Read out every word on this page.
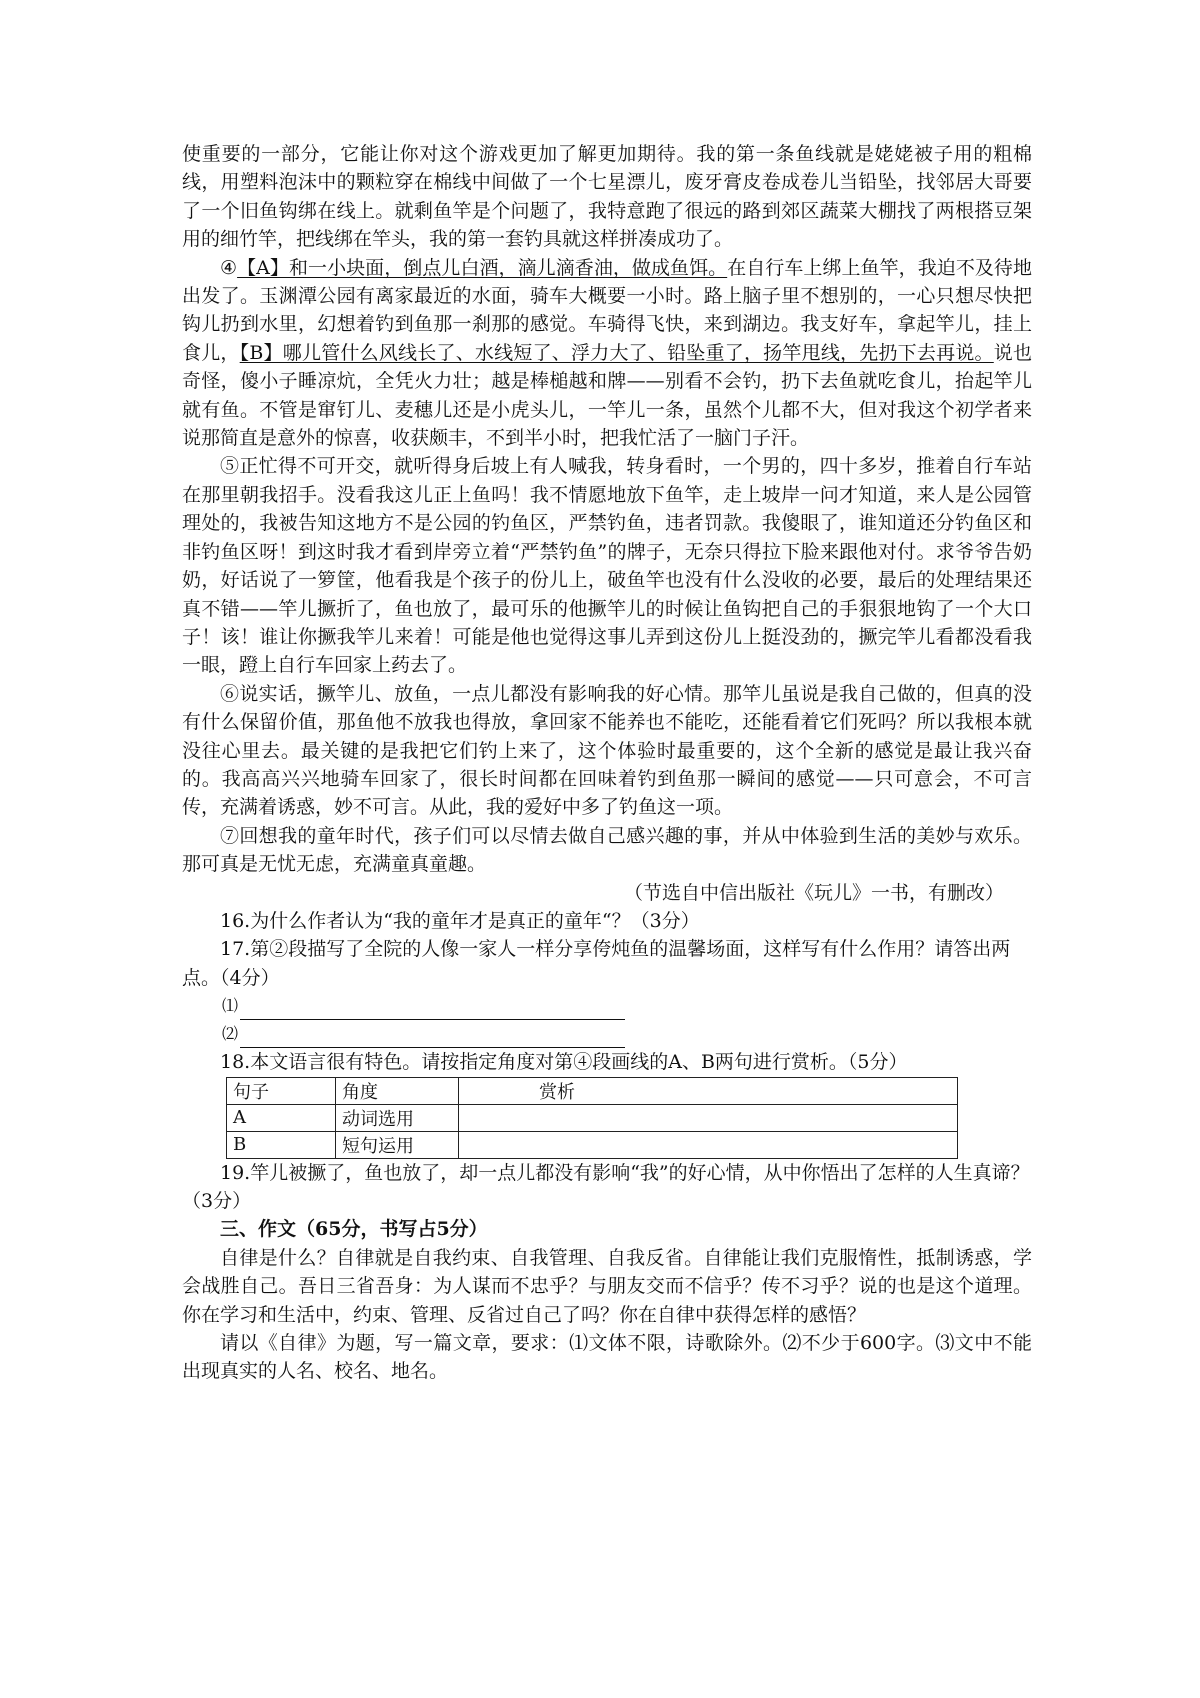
使重要的一部分，它能让你对这个游戏更加了解更加期待。我的第一条鱼线就是姥姥被子用的粗棉线，用塑料泡沫中的颗粒穿在棉线中间做了一个七星漂儿，废牙膏皮卷成卷儿当铅坠，找邻居大哥要了一个旧鱼钩绑在线上。就剩鱼竿是个问题了，我特意跑了很远的路到郊区蔬菜大棚找了两根搭豆架用的细竹竿，把线绑在竿头，我的第一套钓具就这样拼凑成功了。

④【A】和一小块面，倒点儿白酒，滴儿滴香油，做成鱼饵。在自行车上绑上鱼竿，我迫不及待地出发了。玉渊潭公园有离家最近的水面，骑车大概要一小时。路上脑子里不想别的，一心只想尽快把钩儿扔到水里，幻想着钓到鱼那一刹那的感觉。车骑得飞快，来到湖边。我支好车，拿起竿儿，挂上食儿，【B】哪儿管什么风线长了、水线短了、浮力大了、铅坠重了，扬竿甩线，先扔下去再说。说也奇怪，傻小子睡凉炕，全凭火力壮；越是棒槌越和牌——别看不会钓，扔下去鱼就吃食儿，抬起竿儿就有鱼。不管是窜钉儿、麦穗儿还是小虎头儿，一竿儿一条，虽然个儿都不大，但对我这个初学者来说那简直是意外的惊喜，收获颇丰，不到半小时，把我忙活了一脑门子汗。

⑤正忙得不可开交，就听得身后坡上有人喊我，转身看时，一个男的，四十多岁，推着自行车站在那里朝我招手。没看我这儿正上鱼吗！我不情愿地放下鱼竿，走上坡岸一问才知道，来人是公园管理处的，我被告知这地方不是公园的钓鱼区，严禁钓鱼，违者罚款。我傻眼了，谁知道还分钓鱼区和非钓鱼区呀！到这时我才看到岸旁立着“严禁钓鱼”的牌子，无奈只得拉下脸来跟他对付。求爷爷告奶奶，好话说了一箩筐，他看我是个孩子的份儿上，破鱼竿也没有什么没收的必要，最后的处理结果还真不错——竿儿撅折了，鱼也放了，最可乐的他撅竿儿的时候让鱼钩把自己的手狠狠地钩了一个大口子！该！谁让你撅我竿儿来着！可能是他也觉得这事儿弄到这份儿上挺没劲的，撅完竿儿看都没看我一眼，蹬上自行车回家上药去了。

⑥说实话，撅竿儿、放鱼，一点儿都没有影响我的好心情。那竿儿虽说是我自己做的，但真的没有什么保留价值，那鱼他不放我也得放，拿回家不能养也不能吃，还能看着它们死吗？所以我根本就没往心里去。最关键的是我把它们钓上来了，这个体验时最重要的，这个全新的感觉是最让我兴奋的。我高高兴兴地骑车回家了，很长时间都在回味着钓到鱼那一瞬间的感觉——只可意会，不可言传，充满着诱惑，妙不可言。从此，我的爱好中多了钓鱼这一项。

⑦回想我的童年时代，孩子们可以尽情去做自己感兴趣的事，并从中体验到生活的美妙与欢乐。那可真是无忧无虑，充满童真童趣。

（节选自中信出版社《玩儿》一书，有删改）

16.为什么作者认为“我的童年才是真正的童年“？（3分）

17.第②段描写了全院的人像一家人一样分享侉炖鱼的温馨场面，这样写有什么作用？请答出两点。（4分）

⑴
⑵

18.本文语言很有特色。请按指定角度对第④段画线的A、B两句进行赏析。（5分）

句子	角度	赏析
A	动词选用	
B	短句运用	

19.竿儿被撅了，鱼也放了，却一点儿都没有影响“我”的好心情，从中你悟出了怎样的人生真谛？（3分）

三、作文（65分，书写占5分）

自律是什么？自律就是自我约束、自我管理、自我反省。自律能让我们克服惰性，抵制诱惑，学会战胜自己。吾日三省吾身：为人谋而不忠乎？与朋友交而不信乎？传不习乎？说的也是这个道理。你在学习和生活中，约束、管理、反省过自己了吗？你在自律中获得怎样的感悟？

请以《自律》为题，写一篇文章，要求：⑴文体不限，诗歌除外。⑵不少于600字。⑶文中不能出现真实的人名、校名、地名。
